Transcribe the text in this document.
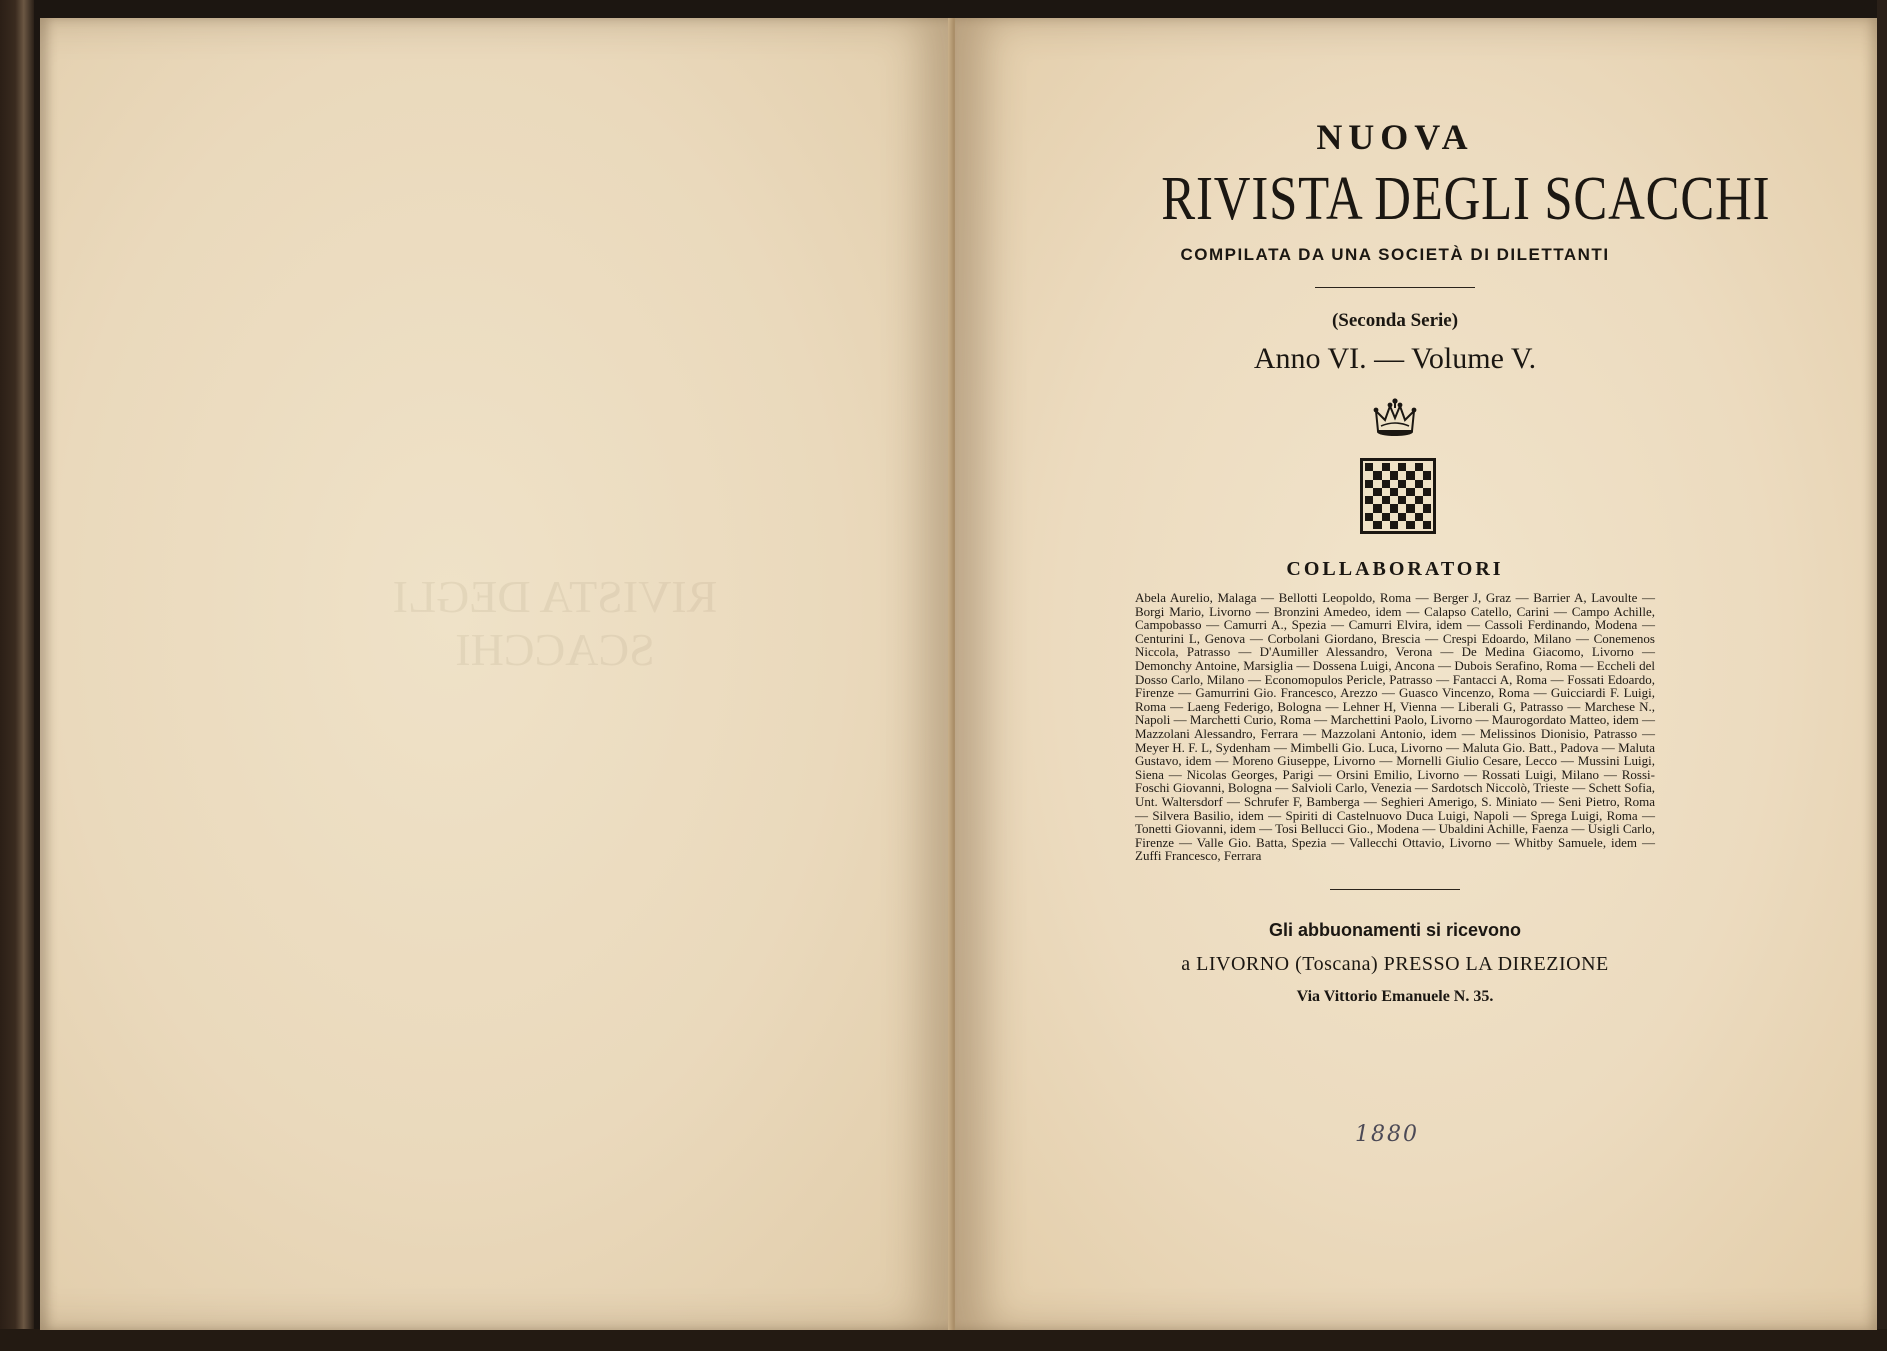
RIVISTA DEGLI SCACCHI
NUOVA
RIVISTA DEGLI SCACCHI
COMPILATA DA UNA SOCIETÀ DI DILETTANTI
(Seconda Serie)
Anno VI. — Volume V.
COLLABORATORI
Abela Aurelio, Malaga — Bellotti Leopoldo, Roma — Berger J, Graz — Barrier A, Lavoulte — Borgi Mario, Livorno — Bronzini Amedeo, idem — Calapso Catello, Carini — Campo Achille, Campobasso — Camurri A., Spezia — Camurri Elvira, idem — Cassoli Ferdinando, Modena — Centurini L, Genova — Corbolani Giordano, Brescia — Crespi Edoardo, Milano — Conemenos Niccola, Patrasso — D'Aumiller Alessandro, Verona — De Medina Giacomo, Livorno — Demonchy Antoine, Marsiglia — Dossena Luigi, Ancona — Dubois Serafino, Roma — Eccheli del Dosso Carlo, Milano — Economopulos Pericle, Patrasso — Fantacci A, Roma — Fossati Edoardo, Firenze — Gamurrini Gio. Francesco, Arezzo — Guasco Vincenzo, Roma — Guicciardi F. Luigi, Roma — Laeng Federigo, Bologna — Lehner H, Vienna — Liberali G, Patrasso — Marchese N., Napoli — Marchetti Curio, Roma — Marchettini Paolo, Livorno — Maurogordato Matteo, idem — Mazzolani Alessandro, Ferrara — Mazzolani Antonio, idem — Melissinos Dionisio, Patrasso — Meyer H. F. L, Sydenham — Mimbelli Gio. Luca, Livorno — Maluta Gio. Batt., Padova — Maluta Gustavo, idem — Moreno Giuseppe, Livorno — Mornelli Giulio Cesare, Lecco — Mussini Luigi, Siena — Nicolas Georges, Parigi — Orsini Emilio, Livorno — Rossati Luigi, Milano — Rossi-Foschi Giovanni, Bologna — Salvioli Carlo, Venezia — Sardotsch Niccolò, Trieste — Schett Sofia, Unt. Waltersdorf — Schrufer F, Bamberga — Seghieri Amerigo, S. Miniato — Seni Pietro, Roma — Silvera Basilio, idem — Spiriti di Castelnuovo Duca Luigi, Napoli — Sprega Luigi, Roma — Tonetti Giovanni, idem — Tosi Bellucci Gio., Modena — Ubaldini Achille, Faenza — Usigli Carlo, Firenze — Valle Gio. Batta, Spezia — Vallecchi Ottavio, Livorno — Whitby Samuele, idem — Zuffi Francesco, Ferrara
Gli abbuonamenti si ricevono
a LIVORNO (Toscana) PRESSO LA DIREZIONE
Via Vittorio Emanuele N. 35.
1880
